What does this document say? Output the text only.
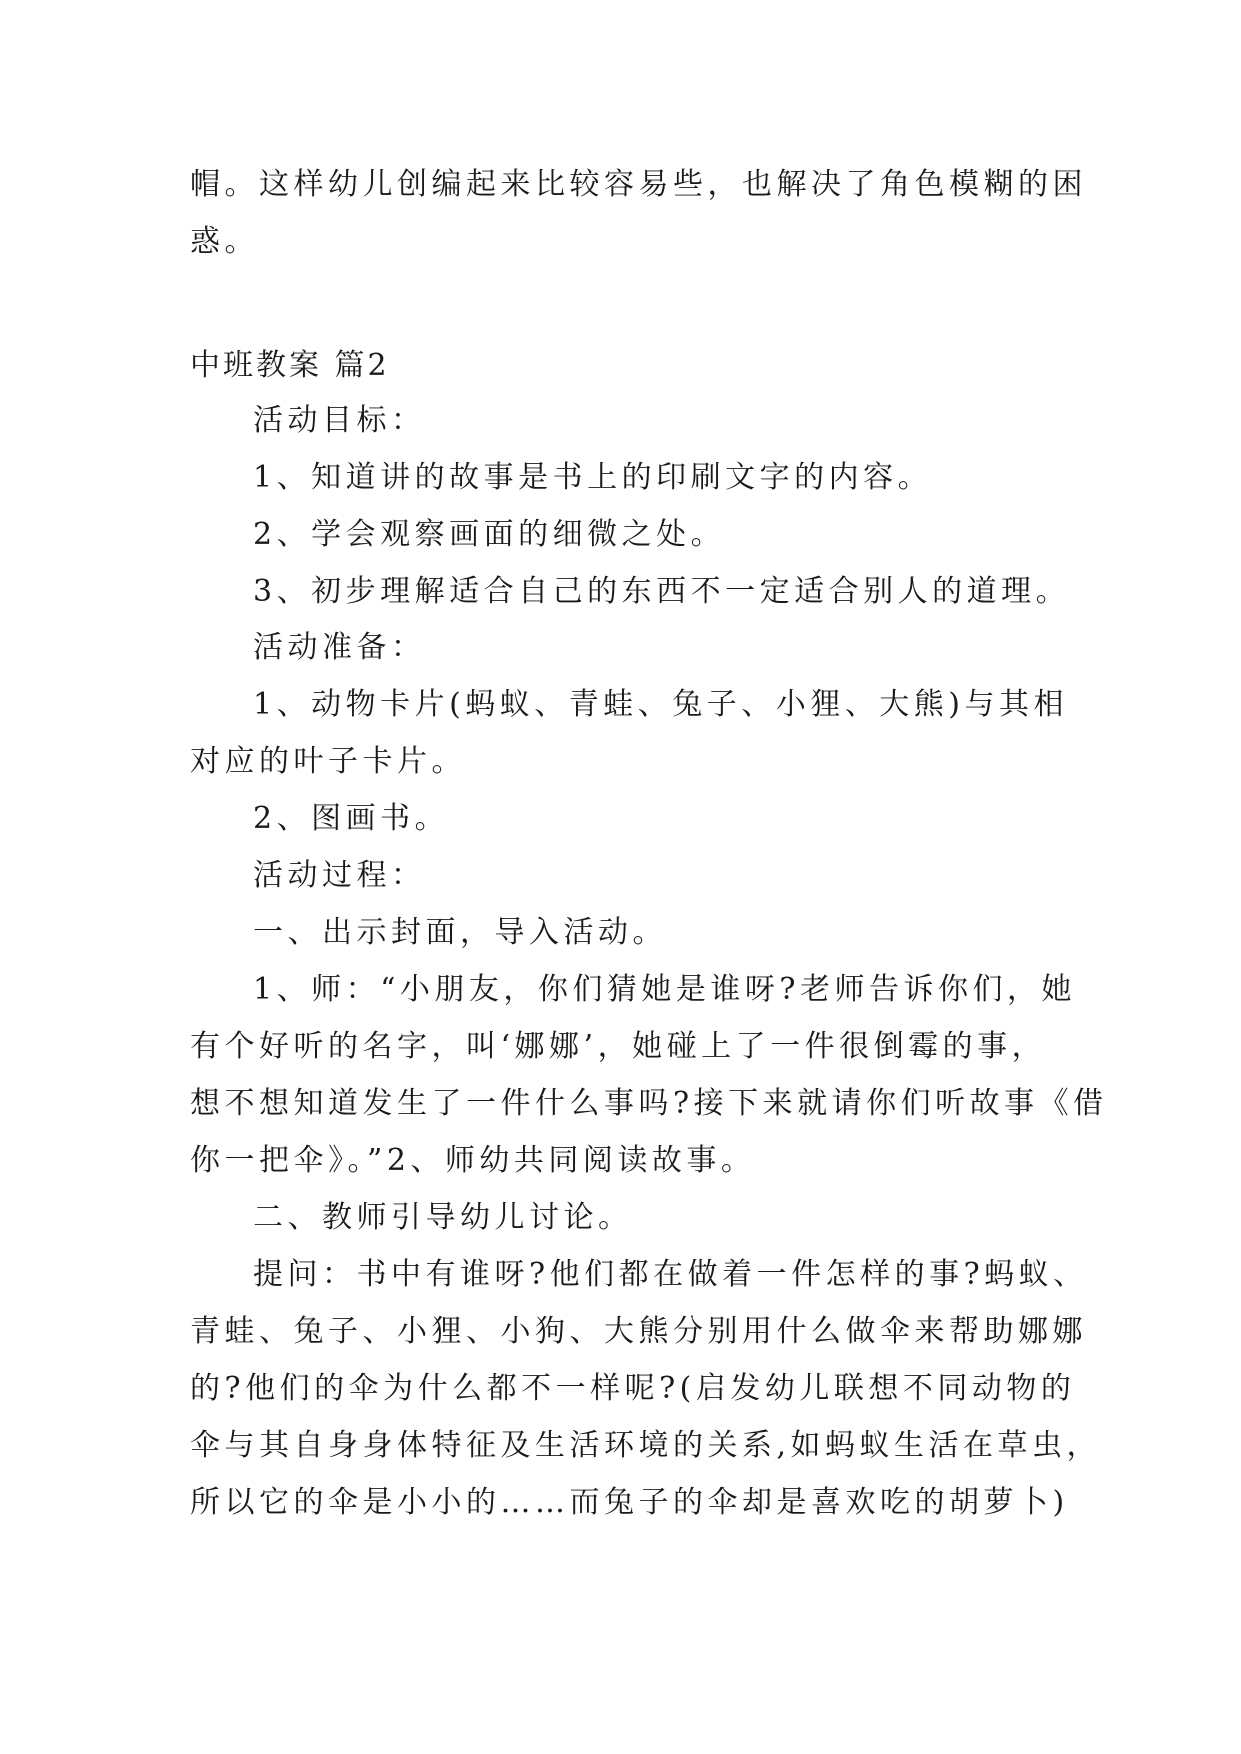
帽。这样幼儿创编起来比较容易些，也解决了角色模糊的困
惑。
中班教案 篇2
活动目标：
1、知道讲的故事是书上的印刷文字的内容。
2、学会观察画面的细微之处。
3、初步理解适合自己的东西不一定适合别人的道理。
活动准备：
1、动物卡片(蚂蚁、青蛙、兔子、小狸、大熊)与其相
对应的叶子卡片。
2、图画书。
活动过程：
一、出示封面，导入活动。
1、师：“小朋友，你们猜她是谁呀?老师告诉你们，她
有个好听的名字，叫‘娜娜’，她碰上了一件很倒霉的事，
想不想知道发生了一件什么事吗?接下来就请你们听故事《借
你一把伞》。”2、师幼共同阅读故事。
二、教师引导幼儿讨论。
提问：书中有谁呀?他们都在做着一件怎样的事?蚂蚁、
青蛙、兔子、小狸、小狗、大熊分别用什么做伞来帮助娜娜
的?他们的伞为什么都不一样呢?(启发幼儿联想不同动物的
伞与其自身身体特征及生活环境的关系,如蚂蚁生活在草虫，
所以它的伞是小小的……而兔子的伞却是喜欢吃的胡萝卜)
